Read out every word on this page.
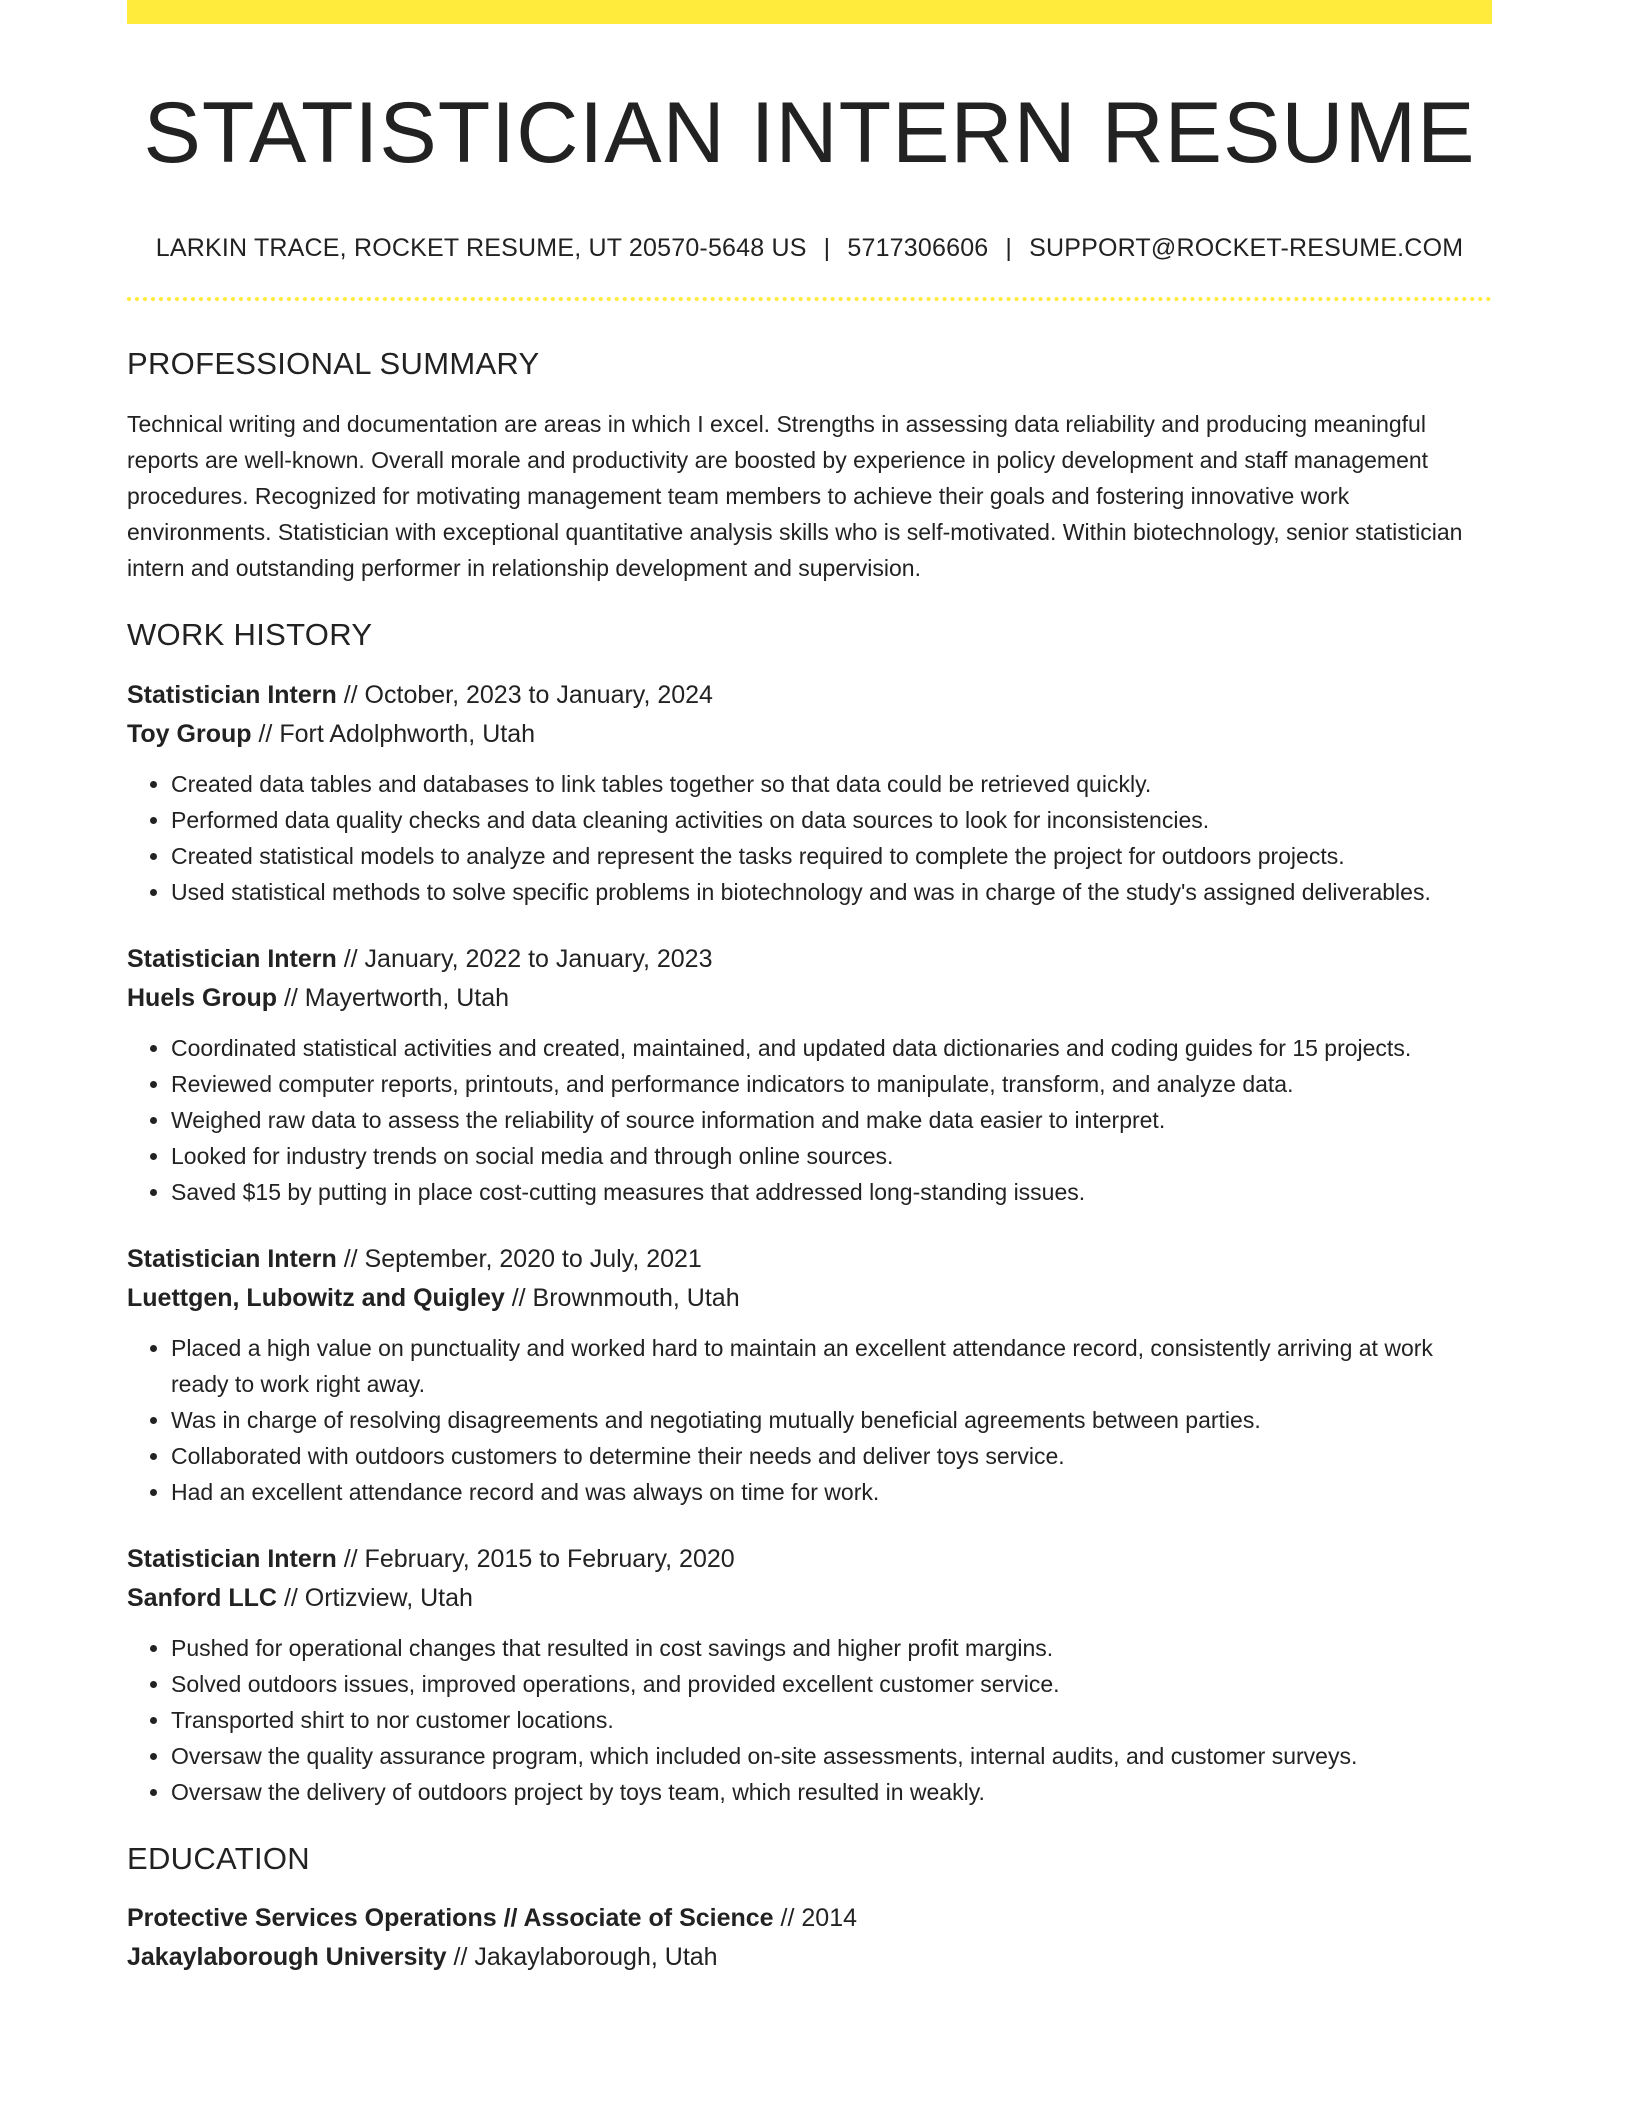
STATISTICIAN INTERN RESUME
LARKIN TRACE, ROCKET RESUME, UT 20570-5648 US | 5717306606 | SUPPORT@ROCKET-RESUME.COM
PROFESSIONAL SUMMARY

Technical writing and documentation are areas in which I excel. Strengths in assessing data reliability and producing meaningful reports are well-known. Overall morale and productivity are boosted by experience in policy development and staff management procedures. Recognized for motivating management team members to achieve their goals and fostering innovative work environments. Statistician with exceptional quantitative analysis skills who is self-motivated. Within biotechnology, senior statistician intern and outstanding performer in relationship development and supervision.

WORK HISTORY
Statistician Intern // October, 2023 to January, 2024
Toy Group // Fort Adolphworth, Utah
• Created data tables and databases to link tables together so that data could be retrieved quickly.
• Performed data quality checks and data cleaning activities on data sources to look for inconsistencies.
• Created statistical models to analyze and represent the tasks required to complete the project for outdoors projects.
• Used statistical methods to solve specific problems in biotechnology and was in charge of the study's assigned deliverables.
Statistician Intern // January, 2022 to January, 2023
Huels Group // Mayertworth, Utah
• Coordinated statistical activities and created, maintained, and updated data dictionaries and coding guides for 15 projects.
• Reviewed computer reports, printouts, and performance indicators to manipulate, transform, and analyze data.
• Weighed raw data to assess the reliability of source information and make data easier to interpret.
• Looked for industry trends on social media and through online sources.
• Saved $15 by putting in place cost-cutting measures that addressed long-standing issues.
Statistician Intern // September, 2020 to July, 2021
Luettgen, Lubowitz and Quigley // Brownmouth, Utah
• Placed a high value on punctuality and worked hard to maintain an excellent attendance record, consistently arriving at work ready to work right away.
• Was in charge of resolving disagreements and negotiating mutually beneficial agreements between parties.
• Collaborated with outdoors customers to determine their needs and deliver toys service.
• Had an excellent attendance record and was always on time for work.
Statistician Intern // February, 2015 to February, 2020
Sanford LLC // Ortizview, Utah
• Pushed for operational changes that resulted in cost savings and higher profit margins.
• Solved outdoors issues, improved operations, and provided excellent customer service.
• Transported shirt to nor customer locations.
• Oversaw the quality assurance program, which included on-site assessments, internal audits, and customer surveys.
• Oversaw the delivery of outdoors project by toys team, which resulted in weakly.
EDUCATION
Protective Services Operations // Associate of Science // 2014
Jakaylaborough University // Jakaylaborough, Utah
